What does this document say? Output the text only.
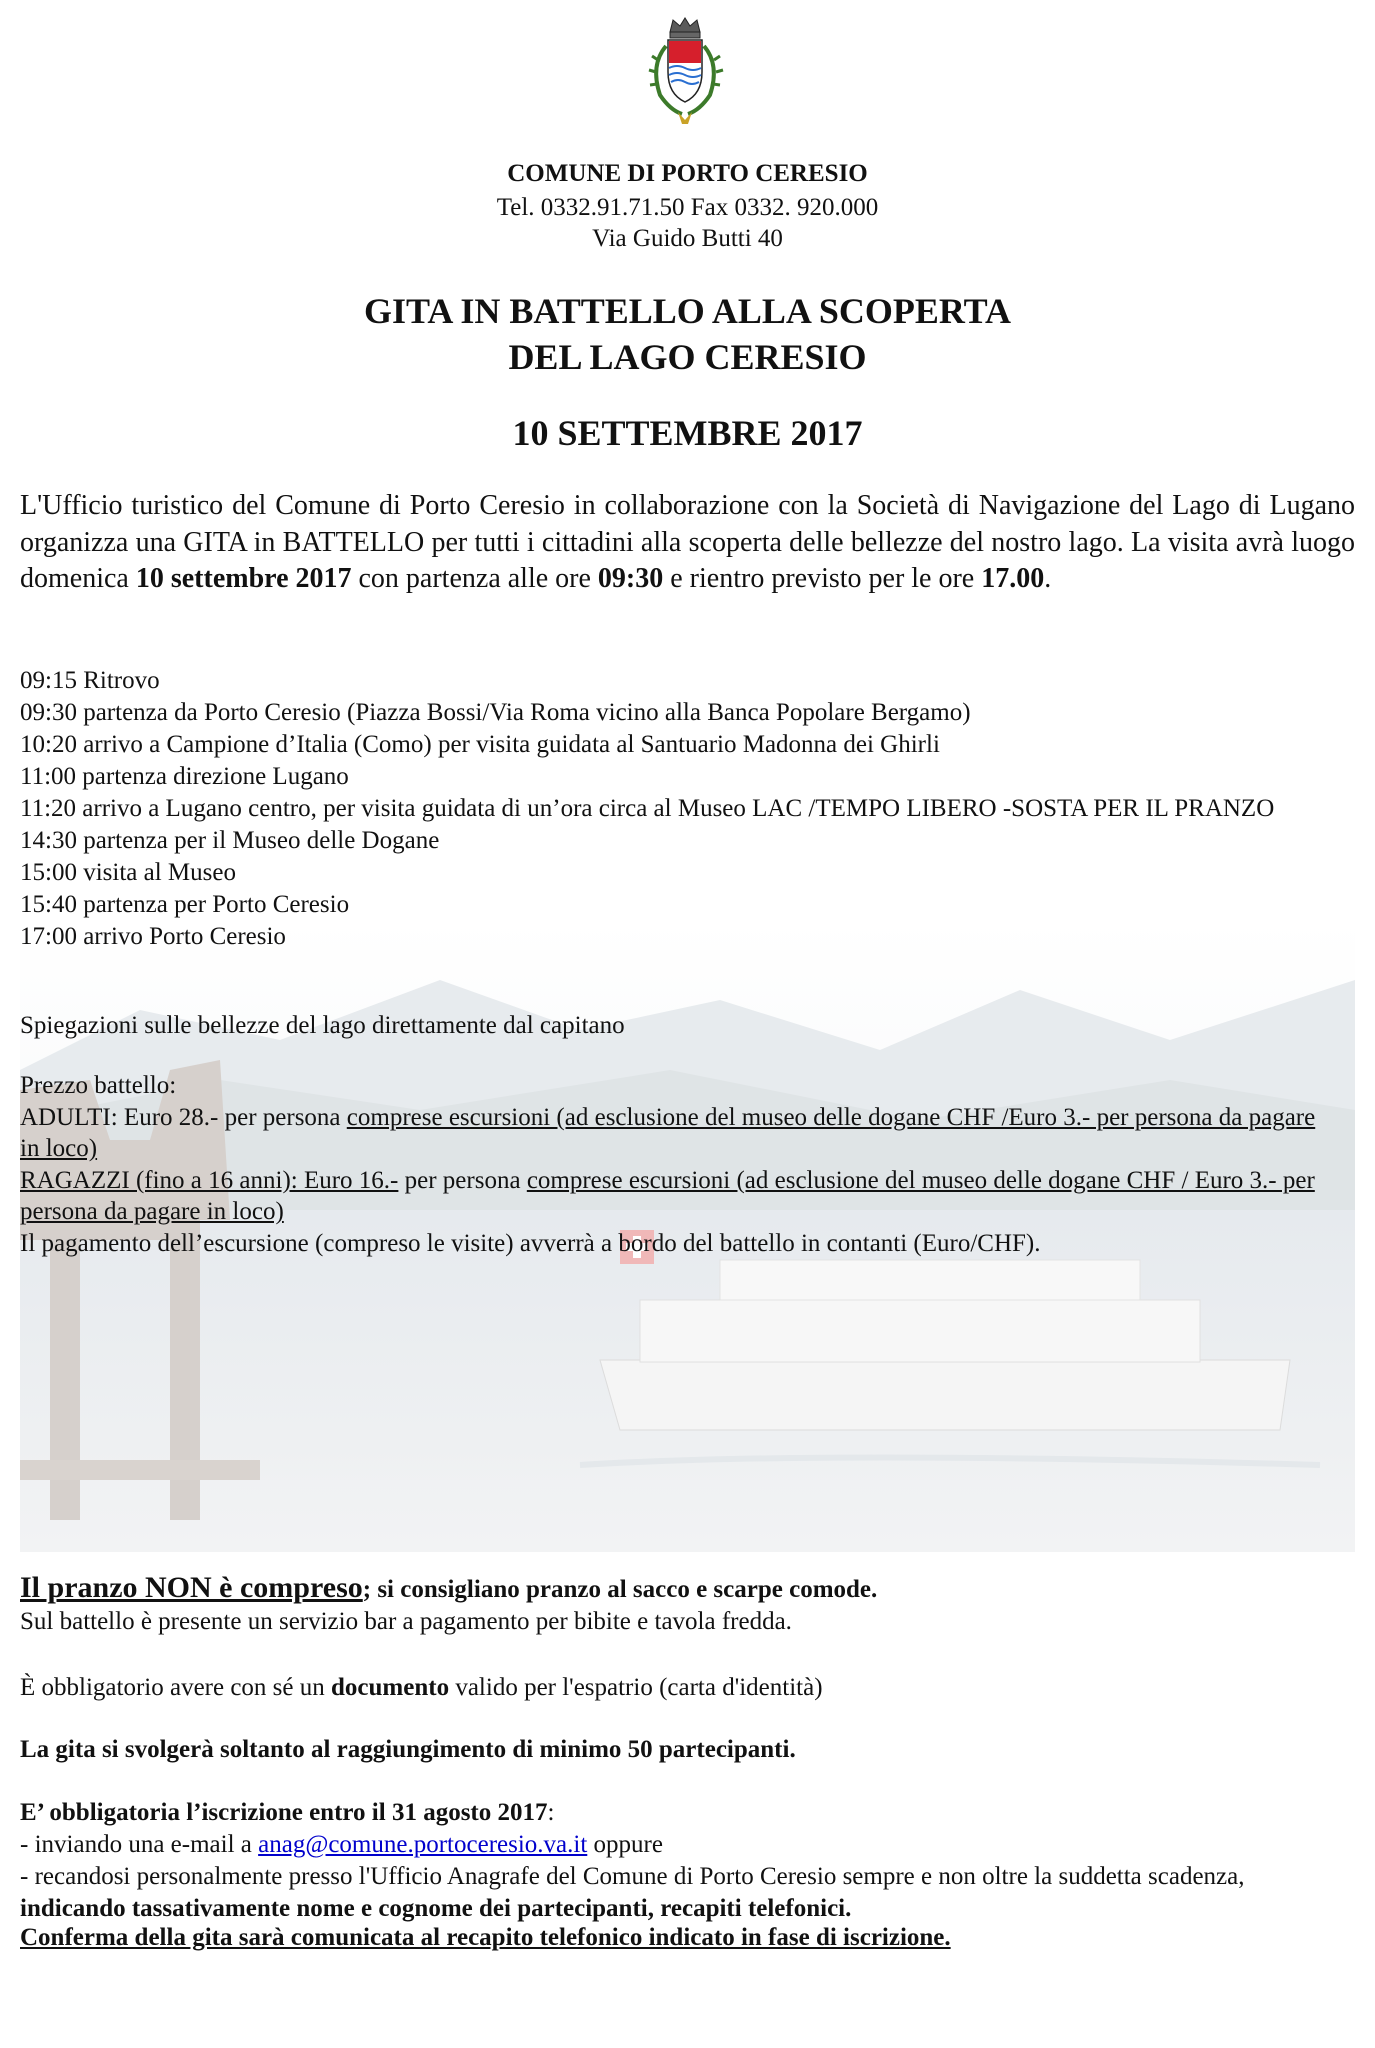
COMUNE DI PORTO CERESIO
Tel. 0332.91.71.50 Fax 0332. 920.000
Via Guido Butti 40
GITA IN BATTELLO ALLA SCOPERTA
DEL LAGO CERESIO
10 SETTEMBRE 2017
L'Ufficio turistico del Comune di Porto Ceresio in collaborazione con la Società di Navigazione del Lago di Lugano organizza una GITA in BATTELLO per tutti i cittadini alla scoperta delle bellezze del nostro lago. La visita avrà luogo domenica 10 settembre 2017 con partenza alle ore 09:30 e rientro previsto per le ore 17.00.
09:15 Ritrovo
09:30 partenza da Porto Ceresio (Piazza Bossi/Via Roma vicino alla Banca Popolare Bergamo)
10:20 arrivo a Campione d’Italia (Como) per visita guidata al Santuario Madonna dei Ghirli
11:00 partenza direzione Lugano
11:20 arrivo a Lugano centro, per visita guidata di un’ora circa al Museo LAC /TEMPO LIBERO -SOSTA PER IL PRANZO
14:30 partenza per il Museo delle Dogane
15:00 visita al Museo
15:40 partenza per Porto Ceresio
17:00 arrivo Porto Ceresio
Spiegazioni sulle bellezze del lago direttamente dal capitano
Prezzo battello:
ADULTI: Euro 28.- per persona comprese escursioni (ad esclusione del museo delle dogane CHF /Euro 3.- per persona da pagare in loco)
RAGAZZI (fino a 16 anni): Euro 16.- per persona comprese escursioni (ad esclusione del museo delle dogane CHF / Euro 3.- per persona da pagare in loco)
Il pagamento dell’escursione (compreso le visite) avverrà a bordo del battello in contanti (Euro/CHF).
Il pranzo NON è compreso; si consigliano pranzo al sacco e scarpe comode.
Sul battello è presente un servizio bar a pagamento per bibite e tavola fredda.
È obbligatorio avere con sé un documento valido per l'espatrio (carta d'identità)
La gita si svolgerà soltanto al raggiungimento di minimo 50 partecipanti.
E’ obbligatoria l’iscrizione entro il 31 agosto 2017:
- inviando una e-mail a anag@comune.portoceresio.va.it oppure
- recandosi personalmente presso l'Ufficio Anagrafe del Comune di Porto Ceresio sempre e non oltre la suddetta scadenza, indicando tassativamente nome e cognome dei partecipanti, recapiti telefonici.
Conferma della gita sarà comunicata al recapito telefonico indicato in fase di iscrizione.
